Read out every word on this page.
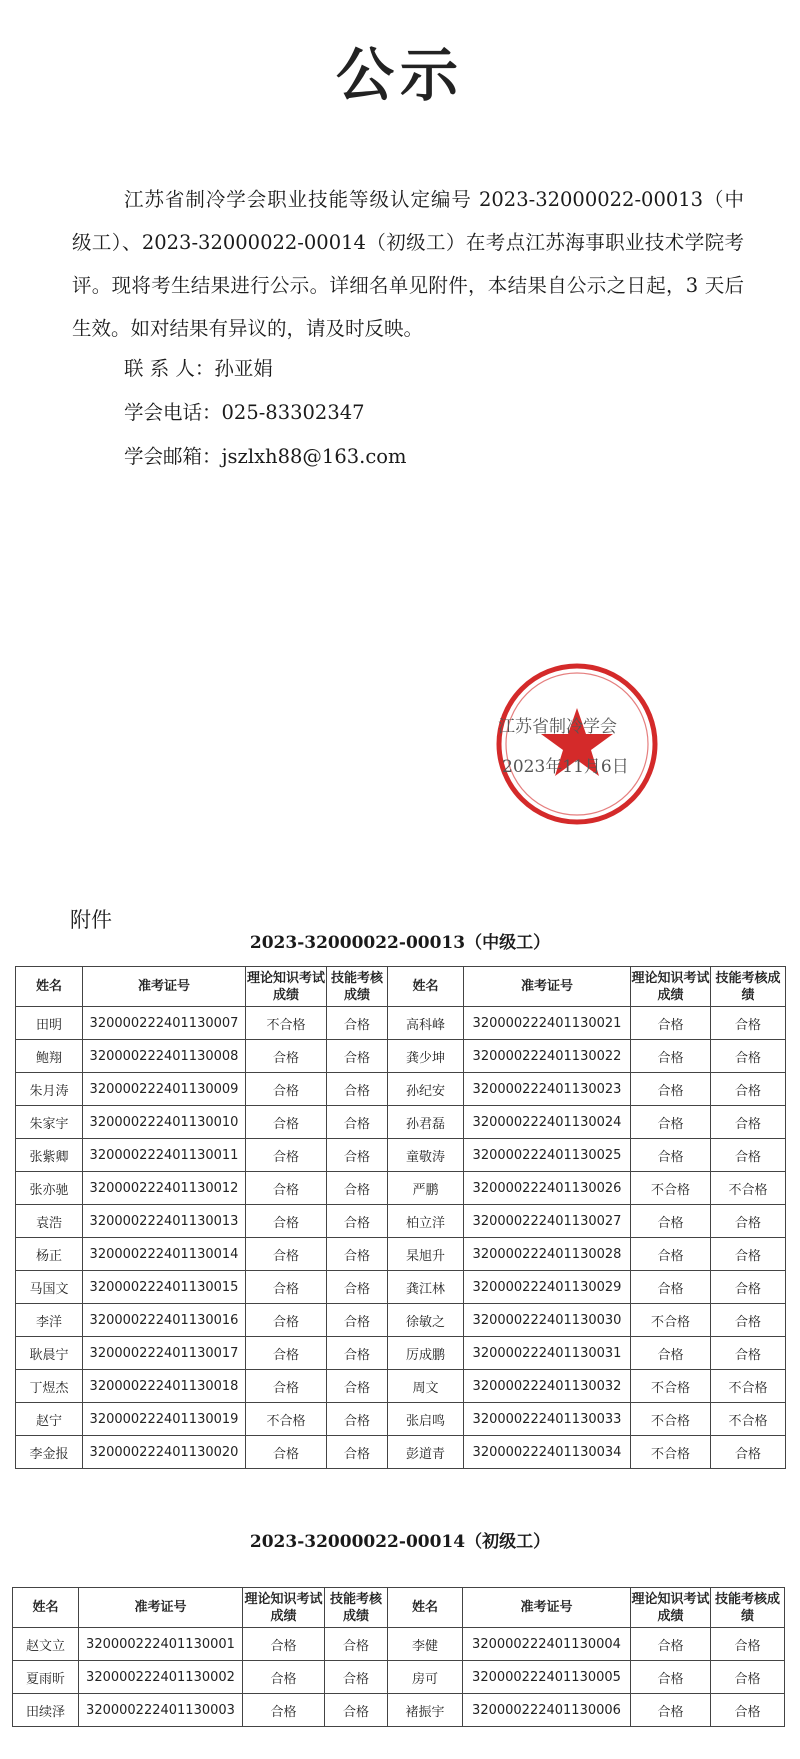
公示
江苏省制冷学会职业技能等级认定编号 2023-32000022-00013（中级工）、2023-32000022-00014（初级工）在考点江苏海事职业技术学院考评。现将考生结果进行公示。详细名单见附件，本结果自公示之日起，3 天后生效。如对结果有异议的，请及时反映。
联 系 人：孙亚娟
学会电话：025-83302347
学会邮箱：jszlxh88@163.com
江苏省制冷学会
2023年11月6日
附件
2023-32000022-00013（中级工）
姓名	准考证号	理论知识考试成绩	技能考核成绩	姓名	准考证号	理论知识考试成绩	技能考核成绩
田明	320000222401130007	不合格	合格	高科峰	320000222401130021	合格	合格
鲍翔	320000222401130008	合格	合格	龚少坤	320000222401130022	合格	合格
朱月涛	320000222401130009	合格	合格	孙纪安	320000222401130023	合格	合格
朱家宇	320000222401130010	合格	合格	孙君磊	320000222401130024	合格	合格
张紫卿	320000222401130011	合格	合格	童敬涛	320000222401130025	合格	合格
张亦驰	320000222401130012	合格	合格	严鹏	320000222401130026	不合格	不合格
袁浩	320000222401130013	合格	合格	柏立洋	320000222401130027	合格	合格
杨正	320000222401130014	合格	合格	杲旭升	320000222401130028	合格	合格
马国文	320000222401130015	合格	合格	龚江林	320000222401130029	合格	合格
李洋	320000222401130016	合格	合格	徐敏之	320000222401130030	不合格	合格
耿晨宁	320000222401130017	合格	合格	厉成鹏	320000222401130031	合格	合格
丁煜杰	320000222401130018	合格	合格	周文	320000222401130032	不合格	不合格
赵宁	320000222401130019	不合格	合格	张启鸣	320000222401130033	不合格	不合格
李金报	320000222401130020	合格	合格	彭道青	320000222401130034	不合格	合格
2023-32000022-00014（初级工）
姓名	准考证号	理论知识考试成绩	技能考核成绩	姓名	准考证号	理论知识考试成绩	技能考核成绩
赵文立	320000222401130001	合格	合格	李健	320000222401130004	合格	合格
夏雨昕	320000222401130002	合格	合格	房可	320000222401130005	合格	合格
田续泽	320000222401130003	合格	合格	褚振宇	320000222401130006	合格	合格
